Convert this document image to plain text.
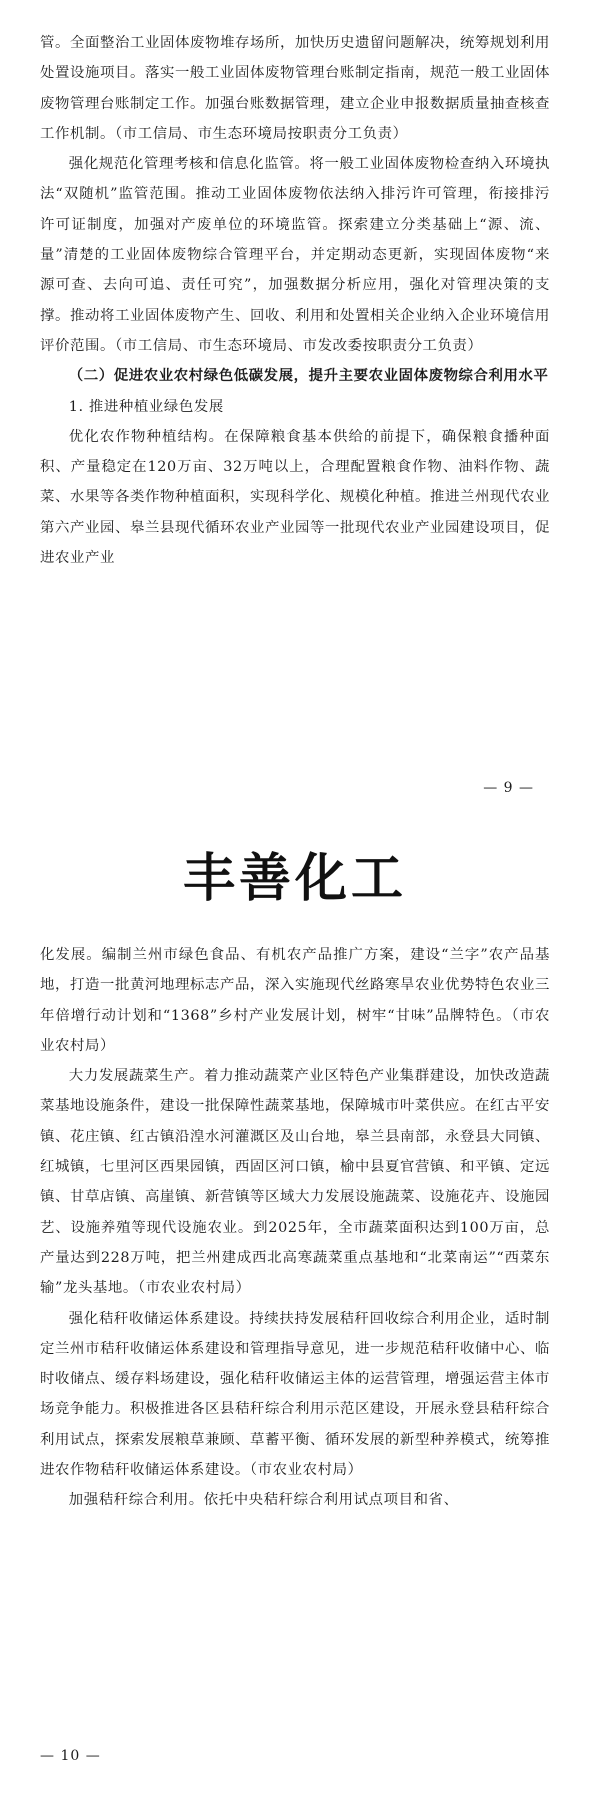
管。全面整治工业固体废物堆存场所，加快历史遗留问题解决，统筹规划利用处置设施项目。落实一般工业固体废物管理台账制定指南，规范一般工业固体废物管理台账制定工作。加强台账数据管理，建立企业申报数据质量抽查核查工作机制。（市工信局、市生态环境局按职责分工负责）

强化规范化管理考核和信息化监管。将一般工业固体废物检查纳入环境执法“双随机”监管范围。推动工业固体废物依法纳入排污许可管理，衔接排污许可证制度，加强对产废单位的环境监管。探索建立分类基础上“源、流、量”清楚的工业固体废物综合管理平台，并定期动态更新，实现固体废物“来源可查、去向可追、责任可究”，加强数据分析应用，强化对管理决策的支撑。推动将工业固体废物产生、回收、利用和处置相关企业纳入企业环境信用评价范围。（市工信局、市生态环境局、市发改委按职责分工负责）

（二）促进农业农村绿色低碳发展，提升主要农业固体废物综合利用水平

1. 推进种植业绿色发展

优化农作物种植结构。在保障粮食基本供给的前提下，确保粮食播种面积、产量稳定在120万亩、32万吨以上，合理配置粮食作物、油料作物、蔬菜、水果等各类作物种植面积，实现科学化、规模化种植。推进兰州现代农业第六产业园、皋兰县现代循环农业产业园等一批现代农业产业园建设项目，促进农业产业

— 9 —
丰善化工

化发展。编制兰州市绿色食品、有机农产品推广方案，建设“兰字”农产品基地，打造一批黄河地理标志产品，深入实施现代丝路寒旱农业优势特色农业三年倍增行动计划和“1368”乡村产业发展计划，树牢“甘味”品牌特色。（市农业农村局）

大力发展蔬菜生产。着力推动蔬菜产业区特色产业集群建设，加快改造蔬菜基地设施条件，建设一批保障性蔬菜基地，保障城市叶菜供应。在红古平安镇、花庄镇、红古镇沿湟水河灌溉区及山台地，皋兰县南部，永登县大同镇、红城镇，七里河区西果园镇，西固区河口镇，榆中县夏官营镇、和平镇、定远镇、甘草店镇、高崖镇、新营镇等区域大力发展设施蔬菜、设施花卉、设施园艺、设施养殖等现代设施农业。到2025年，全市蔬菜面积达到100万亩，总产量达到228万吨，把兰州建成西北高寒蔬菜重点基地和“北菜南运”“西菜东输”龙头基地。（市农业农村局）

强化秸秆收储运体系建设。持续扶持发展秸秆回收综合利用企业，适时制定兰州市秸秆收储运体系建设和管理指导意见，进一步规范秸秆收储中心、临时收储点、缓存料场建设，强化秸秆收储运主体的运营管理，增强运营主体市场竞争能力。积极推进各区县秸秆综合利用示范区建设，开展永登县秸秆综合利用试点，探索发展粮草兼顾、草蓄平衡、循环发展的新型种养模式，统筹推进农作物秸秆收储运体系建设。（市农业农村局）

加强秸秆综合利用。依托中央秸秆综合利用试点项目和省、

— 10 —
